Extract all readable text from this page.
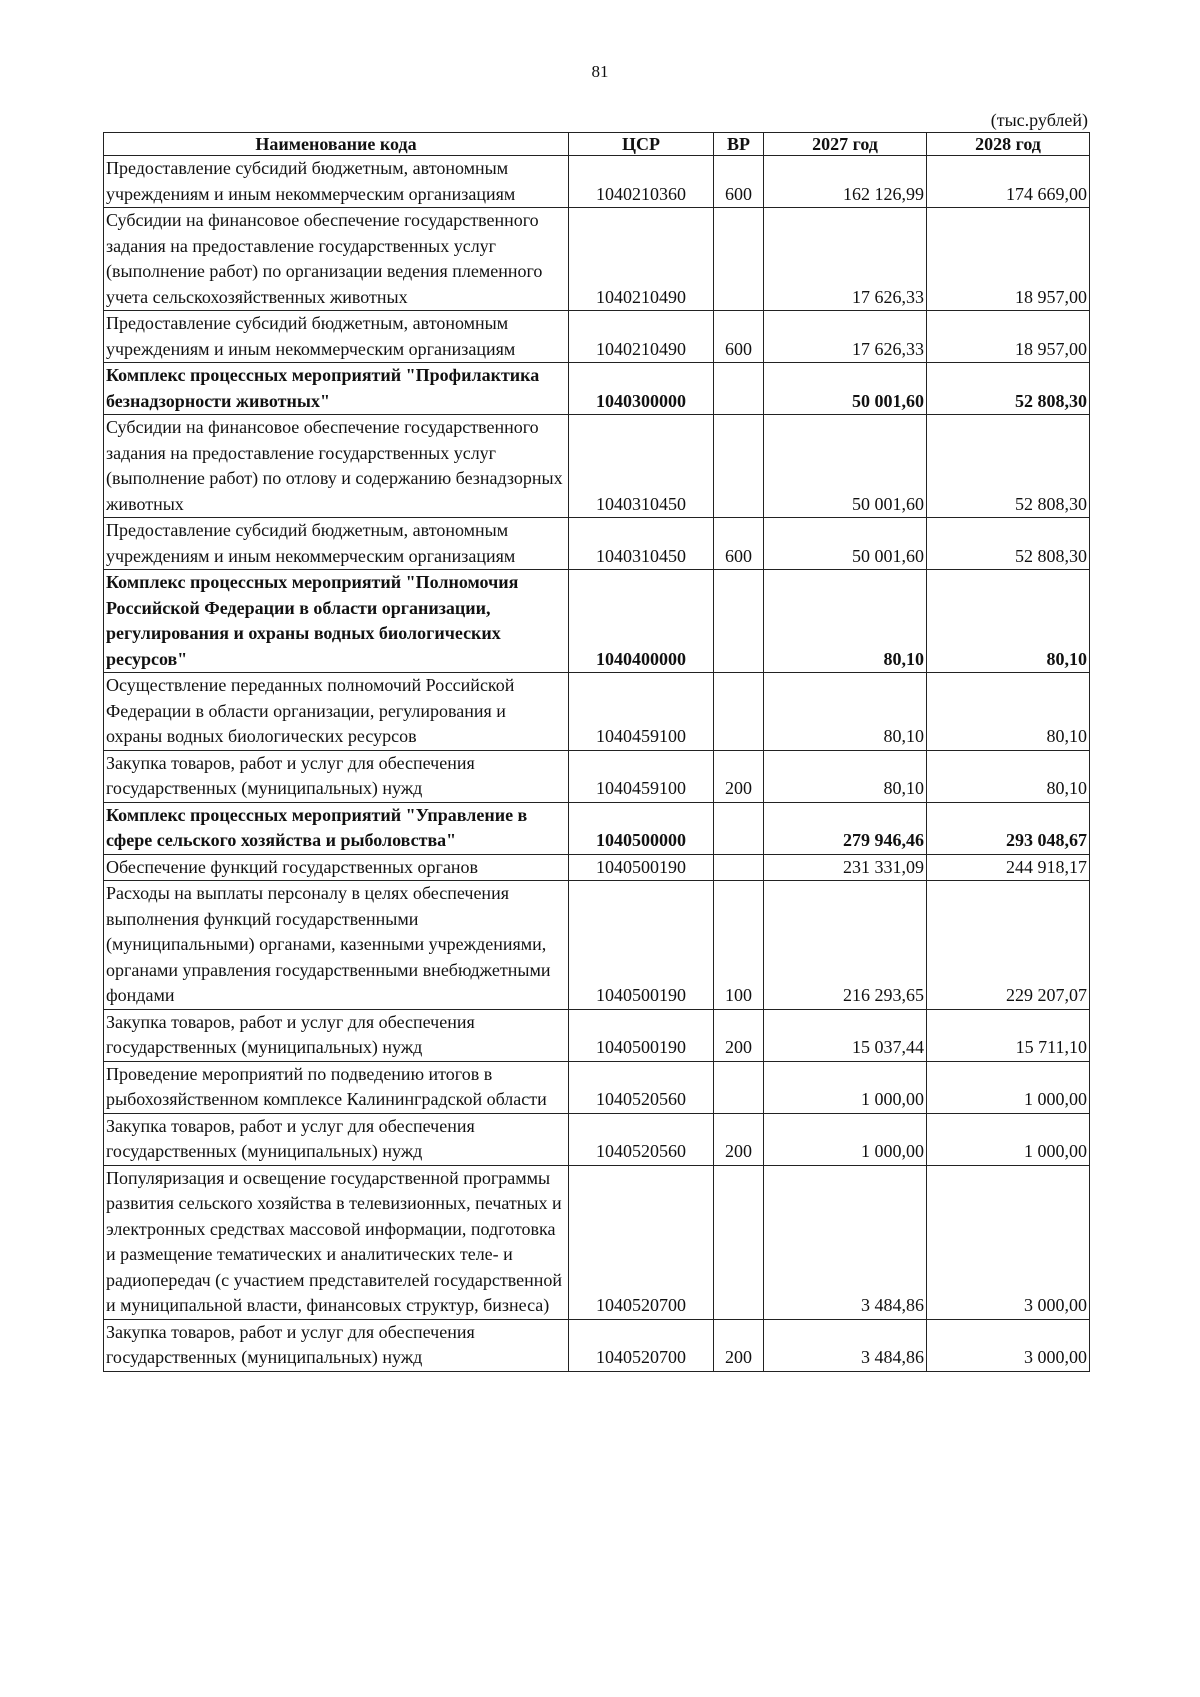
81
(тыс.рублей)
Наименование кода	ЦСР	ВР	2027 год	2028 год
Предоставление субсидий бюджетным, автономным учреждениям и иным некоммерческим организациям	1040210360	600	162 126,99	174 669,00
Субсидии на финансовое обеспечение государственного задания на предоставление государственных услуг (выполнение работ) по организации ведения племенного учета сельскохозяйственных животных	1040210490		17 626,33	18 957,00
Предоставление субсидий бюджетным, автономным учреждениям и иным некоммерческим организациям	1040210490	600	17 626,33	18 957,00
Комплекс процессных мероприятий "Профилактика безнадзорности животных"	1040300000		50 001,60	52 808,30
Субсидии на финансовое обеспечение государственного задания на предоставление государственных услуг (выполнение работ) по отлову и содержанию безнадзорных животных	1040310450		50 001,60	52 808,30
Предоставление субсидий бюджетным, автономным учреждениям и иным некоммерческим организациям	1040310450	600	50 001,60	52 808,30
Комплекс процессных мероприятий "Полномочия Российской Федерации в области организации, регулирования и охраны водных биологических ресурсов"	1040400000		80,10	80,10
Осуществление переданных полномочий Российской Федерации в области организации, регулирования и охраны водных биологических ресурсов	1040459100		80,10	80,10
Закупка товаров, работ и услуг для обеспечения государственных (муниципальных) нужд	1040459100	200	80,10	80,10
Комплекс процессных мероприятий "Управление в сфере сельского хозяйства и рыболовства"	1040500000		279 946,46	293 048,67
Обеспечение функций государственных органов	1040500190		231 331,09	244 918,17
Расходы на выплаты персоналу в целях обеспечения выполнения функций государственными (муниципальными) органами, казенными учреждениями, органами управления государственными внебюджетными фондами	1040500190	100	216 293,65	229 207,07
Закупка товаров, работ и услуг для обеспечения государственных (муниципальных) нужд	1040500190	200	15 037,44	15 711,10
Проведение мероприятий по подведению итогов в рыбохозяйственном комплексе Калининградской области	1040520560		1 000,00	1 000,00
Закупка товаров, работ и услуг для обеспечения государственных (муниципальных) нужд	1040520560	200	1 000,00	1 000,00
Популяризация и освещение государственной программы развития сельского хозяйства в телевизионных, печатных и электронных средствах массовой информации, подготовка и размещение тематических и аналитических теле- и радиопередач (с участием представителей государственной и муниципальной власти, финансовых структур, бизнеса)	1040520700		3 484,86	3 000,00
Закупка товаров, работ и услуг для обеспечения государственных (муниципальных) нужд	1040520700	200	3 484,86	3 000,00
